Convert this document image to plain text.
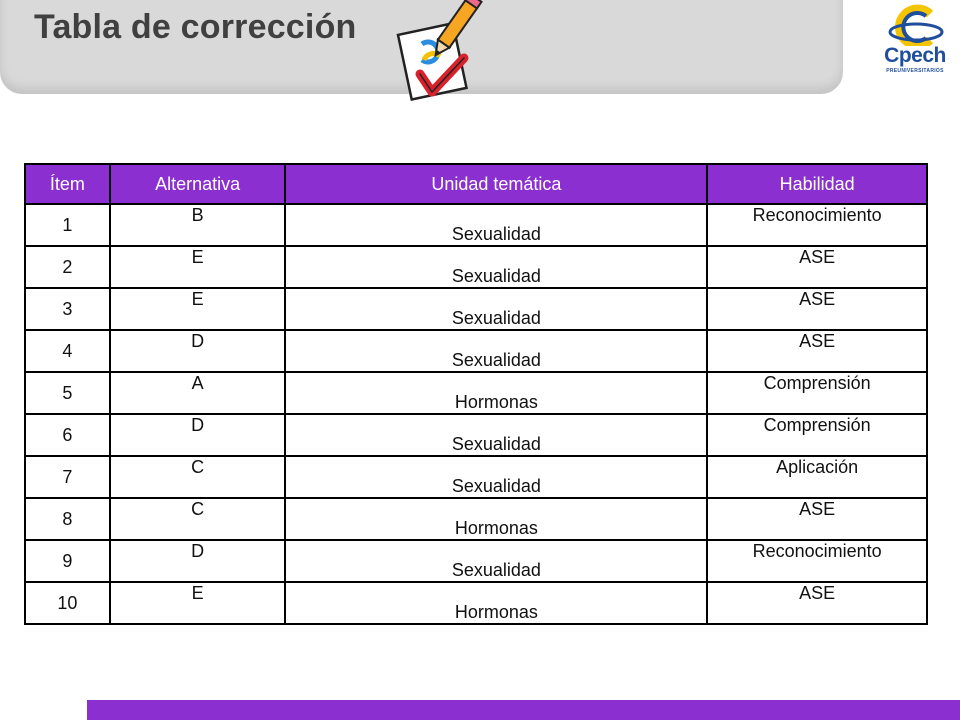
Tabla de corrección
Cpech
PREUNIVERSITARIOS
Ítem	Alternativa	Unidad temática	Habilidad
1	B	Sexualidad	Reconocimiento
2	E	Sexualidad	ASE
3	E	Sexualidad	ASE
4	D	Sexualidad	ASE
5	A	Hormonas	Comprensión
6	D	Sexualidad	Comprensión
7	C	Sexualidad	Aplicación
8	C	Hormonas	ASE
9	D	Sexualidad	Reconocimiento
10	E	Hormonas	ASE
